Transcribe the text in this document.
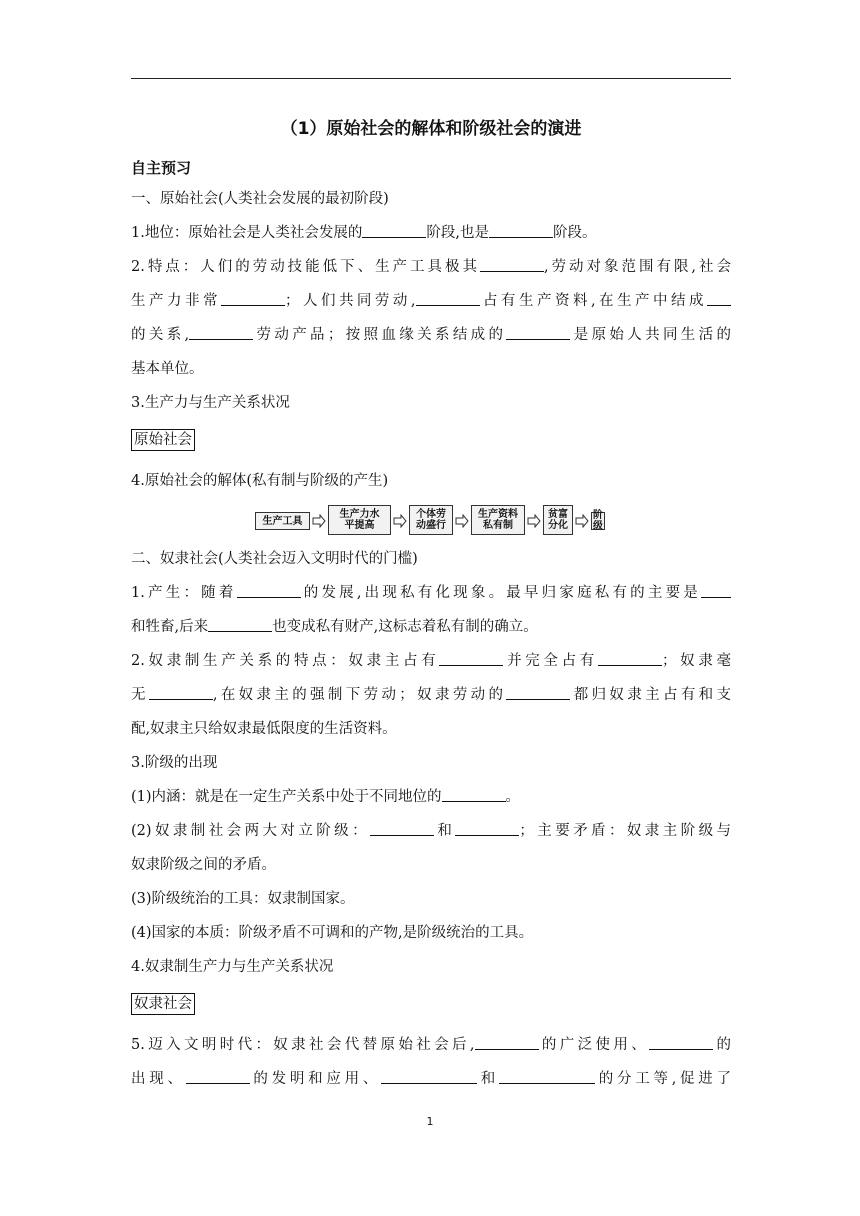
（1）原始社会的解体和阶级社会的演进
自主预习
一、原始社会(人类社会发展的最初阶段)
1.地位：原始社会是人类社会发展的	阶段,也是	阶段。
2.特点：人们的劳动技能低下、生产工具极其	,劳动对象范围有限,社会
生产力非常	；人们共同劳动,	占有生产资料,在生产中结成
的关系,	劳动产品；按照血缘关系结成的	是原始人共同生活的
基本单位。
3.生产力与生产关系状况
原始社会
4.原始社会的解体(私有制与阶级的产生)
生产工具
生产力水
平提高
个体劳
动盛行
生产资料
私有制
贫富
分化
阶级
二、奴隶社会(人类社会迈入文明时代的门槛)
1.产生：随着	的发展,出现私有化现象。最早归家庭私有的主要是
和牲畜,后来	也变成私有财产,这标志着私有制的确立。
2.奴隶制生产关系的特点：奴隶主占有	并完全占有	；奴隶毫
无	,在奴隶主的强制下劳动；奴隶劳动的	都归奴隶主占有和支
配,奴隶主只给奴隶最低限度的生活资料。
3.阶级的出现
(1)内涵：就是在一定生产关系中处于不同地位的	。
(2)奴隶制社会两大对立阶级：	和	；主要矛盾：奴隶主阶级与
奴隶阶级之间的矛盾。
(3)阶级统治的工具：奴隶制国家。
(4)国家的本质：阶级矛盾不可调和的产物,是阶级统治的工具。
4.奴隶制生产力与生产关系状况
奴隶社会
5.迈入文明时代：奴隶社会代替原始社会后,	的广泛使用、	的
出现、	的发明和应用、	和	的分工等,促进了
1
